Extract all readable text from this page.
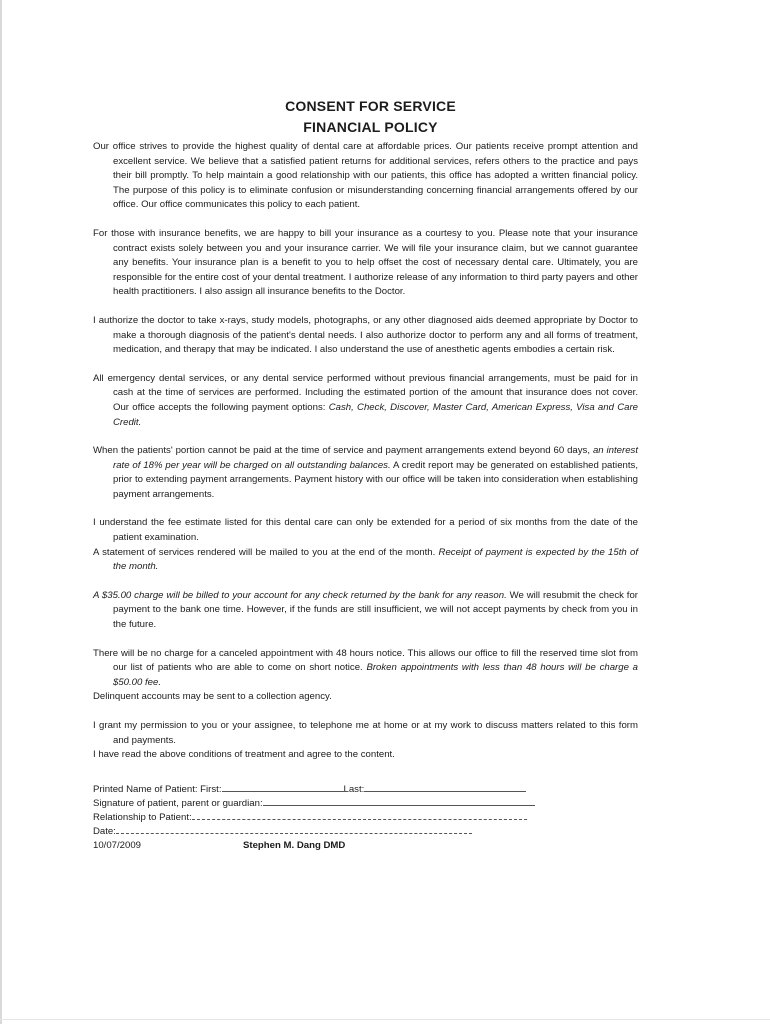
CONSENT FOR SERVICE
FINANCIAL POLICY
Our office strives to provide the highest quality of dental care at affordable prices. Our patients receive prompt attention and excellent service. We believe that a satisfied patient returns for additional services, refers others to the practice and pays their bill promptly. To help maintain a good relationship with our patients, this office has adopted a written financial policy. The purpose of this policy is to eliminate confusion or misunderstanding concerning financial arrangements offered by our office. Our office communicates this policy to each patient.
For those with insurance benefits, we are happy to bill your insurance as a courtesy to you. Please note that your insurance contract exists solely between you and your insurance carrier. We will file your insurance claim, but we cannot guarantee any benefits. Your insurance plan is a benefit to you to help offset the cost of necessary dental care. Ultimately, you are responsible for the entire cost of your dental treatment. I authorize release of any information to third party payers and other health practitioners. I also assign all insurance benefits to the Doctor.
I authorize the doctor to take x-rays, study models, photographs, or any other diagnosed aids deemed appropriate by Doctor to make a thorough diagnosis of the patient's dental needs. I also authorize doctor to perform any and all forms of treatment, medication, and therapy that may be indicated. I also understand the use of anesthetic agents embodies a certain risk.
All emergency dental services, or any dental service performed without previous financial arrangements, must be paid for in cash at the time of services are performed. Including the estimated portion of the amount that insurance does not cover. Our office accepts the following payment options: Cash, Check, Discover, Master Card, American Express, Visa and Care Credit.
When the patients' portion cannot be paid at the time of service and payment arrangements extend beyond 60 days, an interest rate of 18% per year will be charged on all outstanding balances. A credit report may be generated on established patients, prior to extending payment arrangements. Payment history with our office will be taken into consideration when establishing payment arrangements.
I understand the fee estimate listed for this dental care can only be extended for a period of six months from the date of the patient examination.
A statement of services rendered will be mailed to you at the end of the month. Receipt of payment is expected by the 15th of the month.
A $35.00 charge will be billed to your account for any check returned by the bank for any reason. We will resubmit the check for payment to the bank one time. However, if the funds are still insufficient, we will not accept payments by check from you in the future.
There will be no charge for a canceled appointment with 48 hours notice. This allows our office to fill the reserved time slot from our list of patients who are able to come on short notice. Broken appointments with less than 48 hours will be charge a $50.00 fee.
Delinquent accounts may be sent to a collection agency.
I grant my permission to you or your assignee, to telephone me at home or at my work to discuss matters related to this form and payments.
I have read the above conditions of treatment and agree to the content.
Printed Name of Patient: First:	Last:
Signature of patient, parent or guardian:
Relationship to Patient:
Date:
10/07/2009	Stephen M. Dang DMD
